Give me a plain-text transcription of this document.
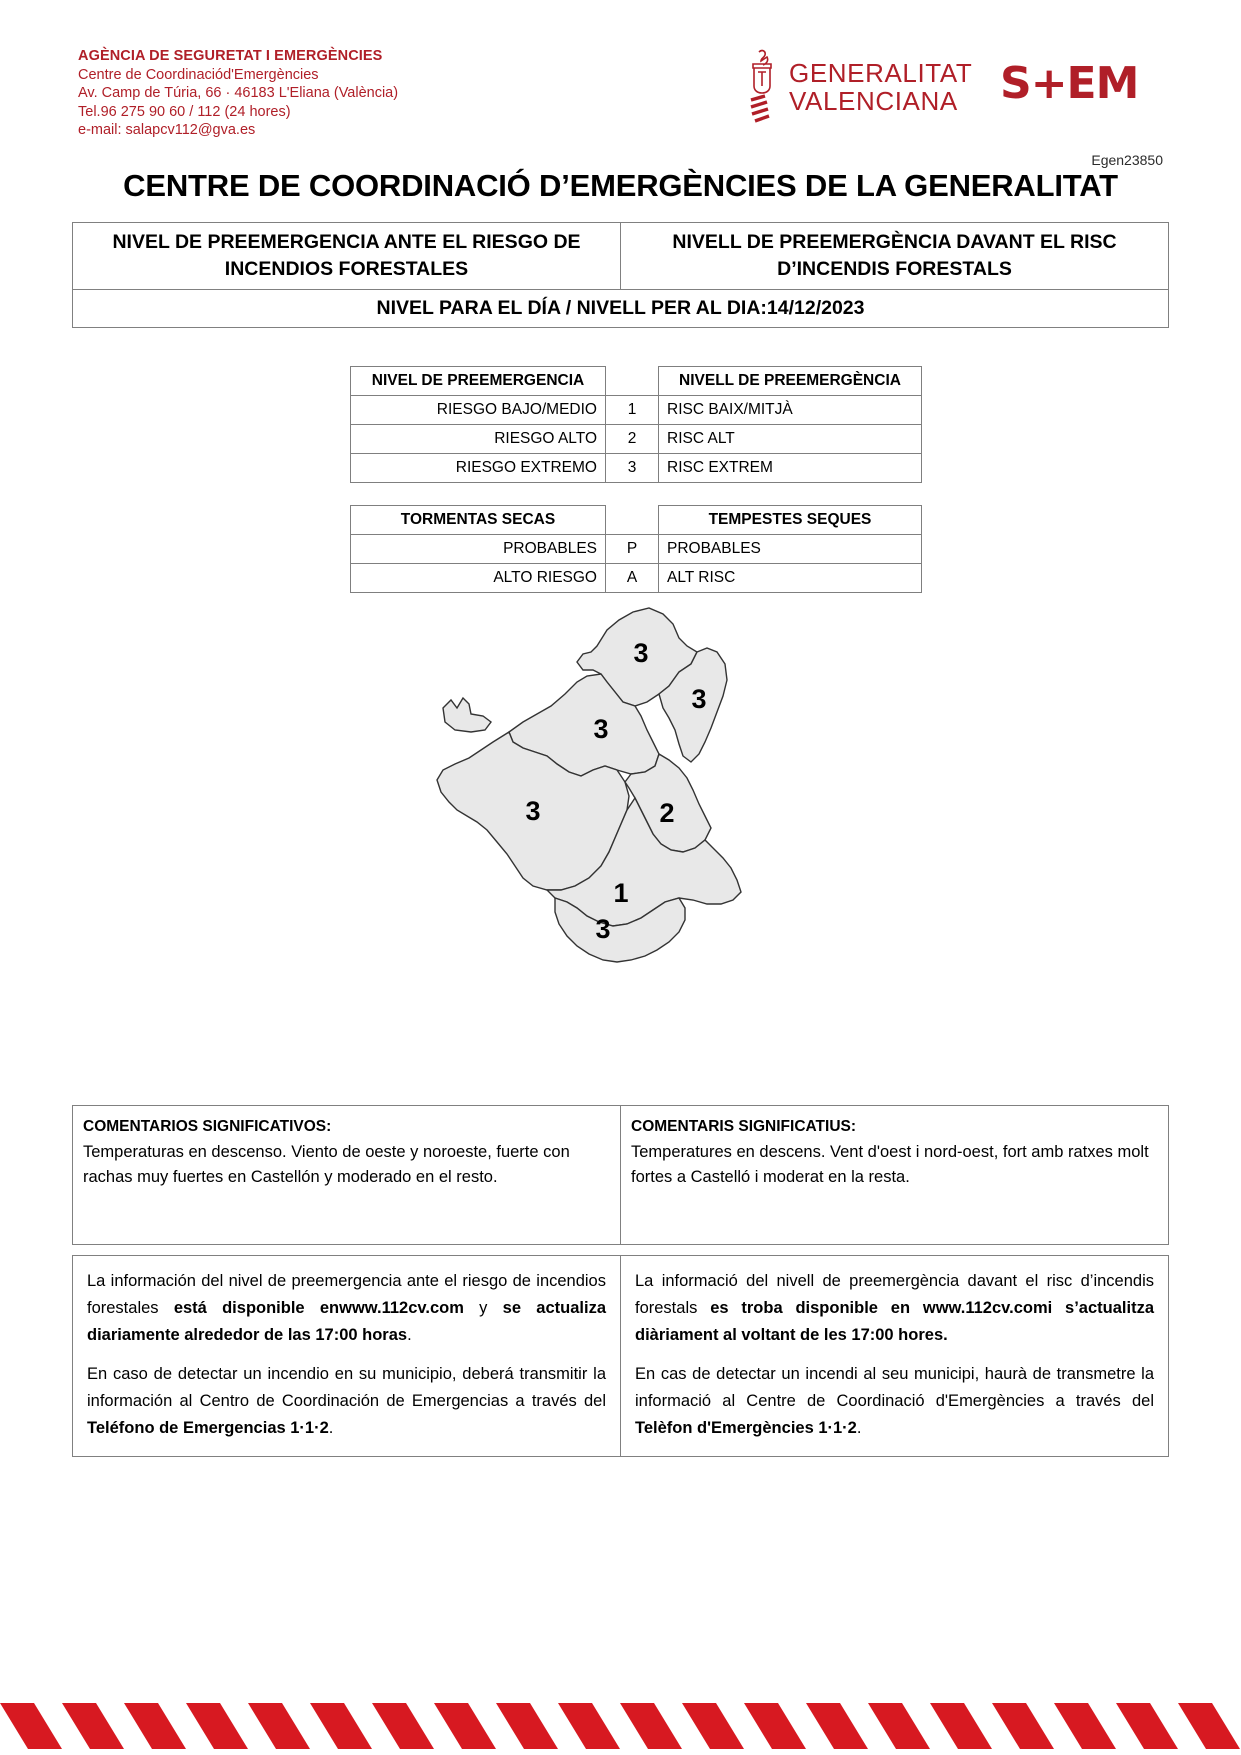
AGÈNCIA DE SEGURETAT I EMERGÈNCIES
Centre de Coordinaciód'Emergències
Av. Camp de Túria, 66 · 46183 L'Eliana (València)
Tel.96 275 90 60 / 112 (24 hores)
e-mail: salapcv112@gva.es
GENERALITAT
VALENCIANA S+EM
Egen23850
CENTRE DE COORDINACIÓ D’EMERGÈNCIES DE LA GENERALITAT
NIVEL DE PREEMERGENCIA ANTE EL RIESGO DE INCENDIOS FORESTALES	NIVELL DE PREEMERGÈNCIA DAVANT EL RISC D’INCENDIS FORESTALS
NIVEL PARA EL DÍA / NIVELL PER AL DIA:14/12/2023
NIVEL DE PREEMERGENCIA		NIVELL DE PREEMERGÈNCIA
RIESGO BAJO/MEDIO	1	RISC BAIX/MITJÀ
RIESGO ALTO	2	RISC ALT
RIESGO EXTREMO	3	RISC EXTREM
TORMENTAS SECAS		TEMPESTES SEQUES
PROBABLES	P	PROBABLES
ALTO RIESGO	A	ALT RISC
3
3
3
3	2
1
3
COMENTARIOS SIGNIFICATIVOS:
Temperaturas en descenso. Viento de oeste y noroeste, fuerte con rachas muy fuertes en Castellón y moderado en el resto.	
COMENTARIS SIGNIFICATIUS:
Temperatures en descens. Vent d'oest i nord-oest, fort amb ratxes molt fortes a Castelló i moderat en la resta.

La información del nivel de preemergencia ante el riesgo de incendios forestales está disponible enwww.112cv.com y se actualiza diariamente alrededor de las 17:00 horas.

En caso de detectar un incendio en su municipio, deberá transmitir la información al Centro de Coordinación de Emergencias a través del Teléfono de Emergencias 1·1·2.

La informació del nivell de preemergència davant el risc d’incendis forestals es troba disponible en www.112cv.comi s’actualitza diàriament al voltant de les 17:00 hores.

En cas de detectar un incendi al seu municipi, haurà de transmetre la informació al Centre de Coordinació d'Emergències a través del Telèfon d'Emergències 1·1·2.
